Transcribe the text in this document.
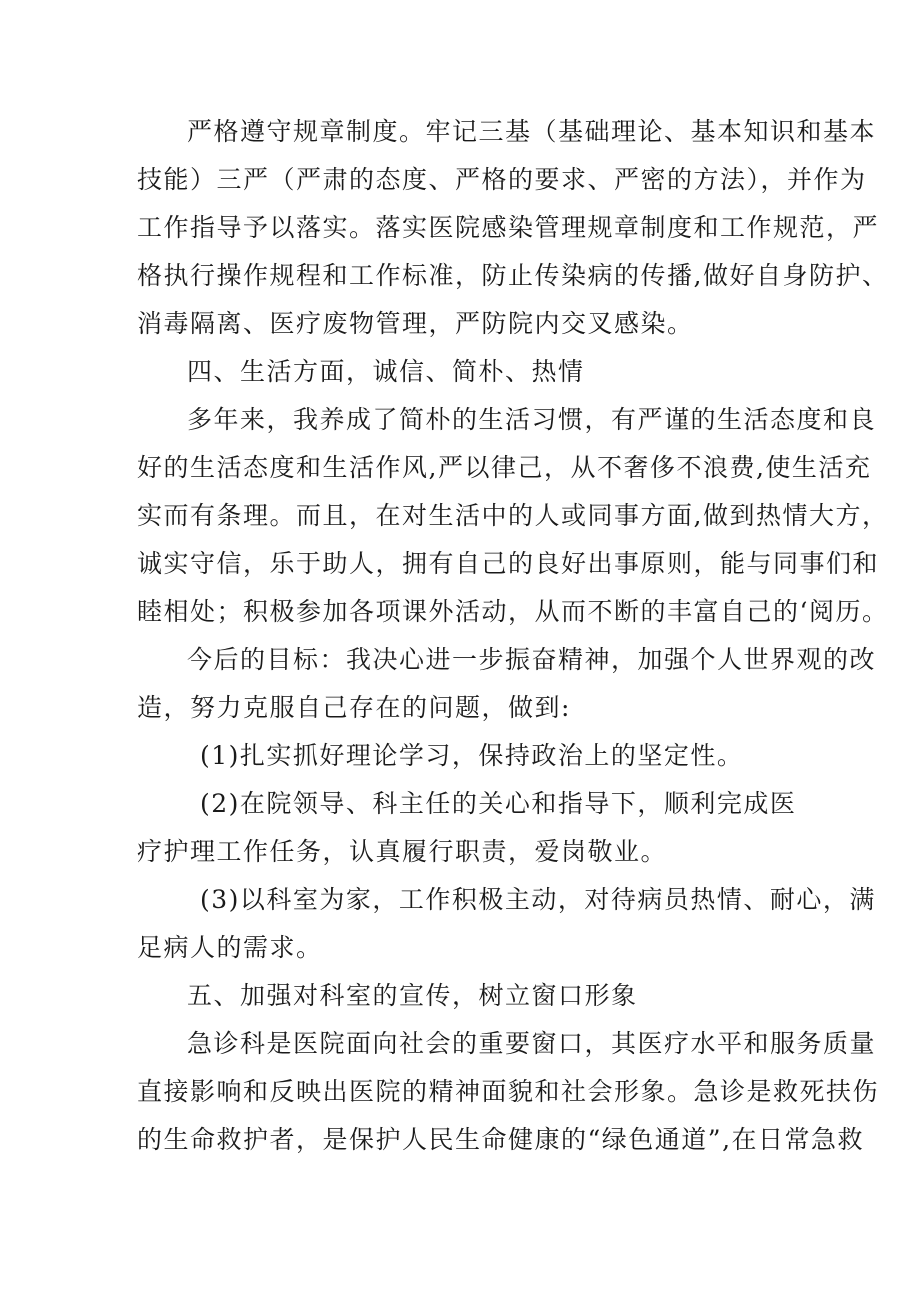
严格遵守规章制度。牢记三基（基础理论、基本知识和基本

技能）三严（严肃的态度、严格的要求、严密的方法），并作为

工作指导予以落实。落实医院感染管理规章制度和工作规范，严

格执行操作规程和工作标准，防止传染病的传播,做好自身防护、

消毒隔离、医疗废物管理，严防院内交叉感染。

四、生活方面，诚信、简朴、热情

多年来，我养成了简朴的生活习惯，有严谨的生活态度和良

好的生活态度和生活作风,严以律己，从不奢侈不浪费,使生活充

实而有条理。而且，在对生活中的人或同事方面,做到热情大方，

诚实守信，乐于助人，拥有自己的良好出事原则，能与同事们和

睦相处；积极参加各项课外活动，从而不断的丰富自己的‘阅历。

今后的目标：我决心进一步振奋精神，加强个人世界观的改

造，努力克服自己存在的问题，做到:

(1)扎实抓好理论学习，保持政治上的坚定性。

(2)在院领导、科主任的关心和指导下，顺利完成医

疗护理工作任务，认真履行职责，爱岗敬业。

(3)以科室为家，工作积极主动，对待病员热情、耐心，满

足病人的需求。

五、加强对科室的宣传，树立窗口形象

急诊科是医院面向社会的重要窗口，其医疗水平和服务质量

直接影响和反映出医院的精神面貌和社会形象。急诊是救死扶伤

的生命救护者，是保护人民生命健康的“绿色通道”,在日常急救
